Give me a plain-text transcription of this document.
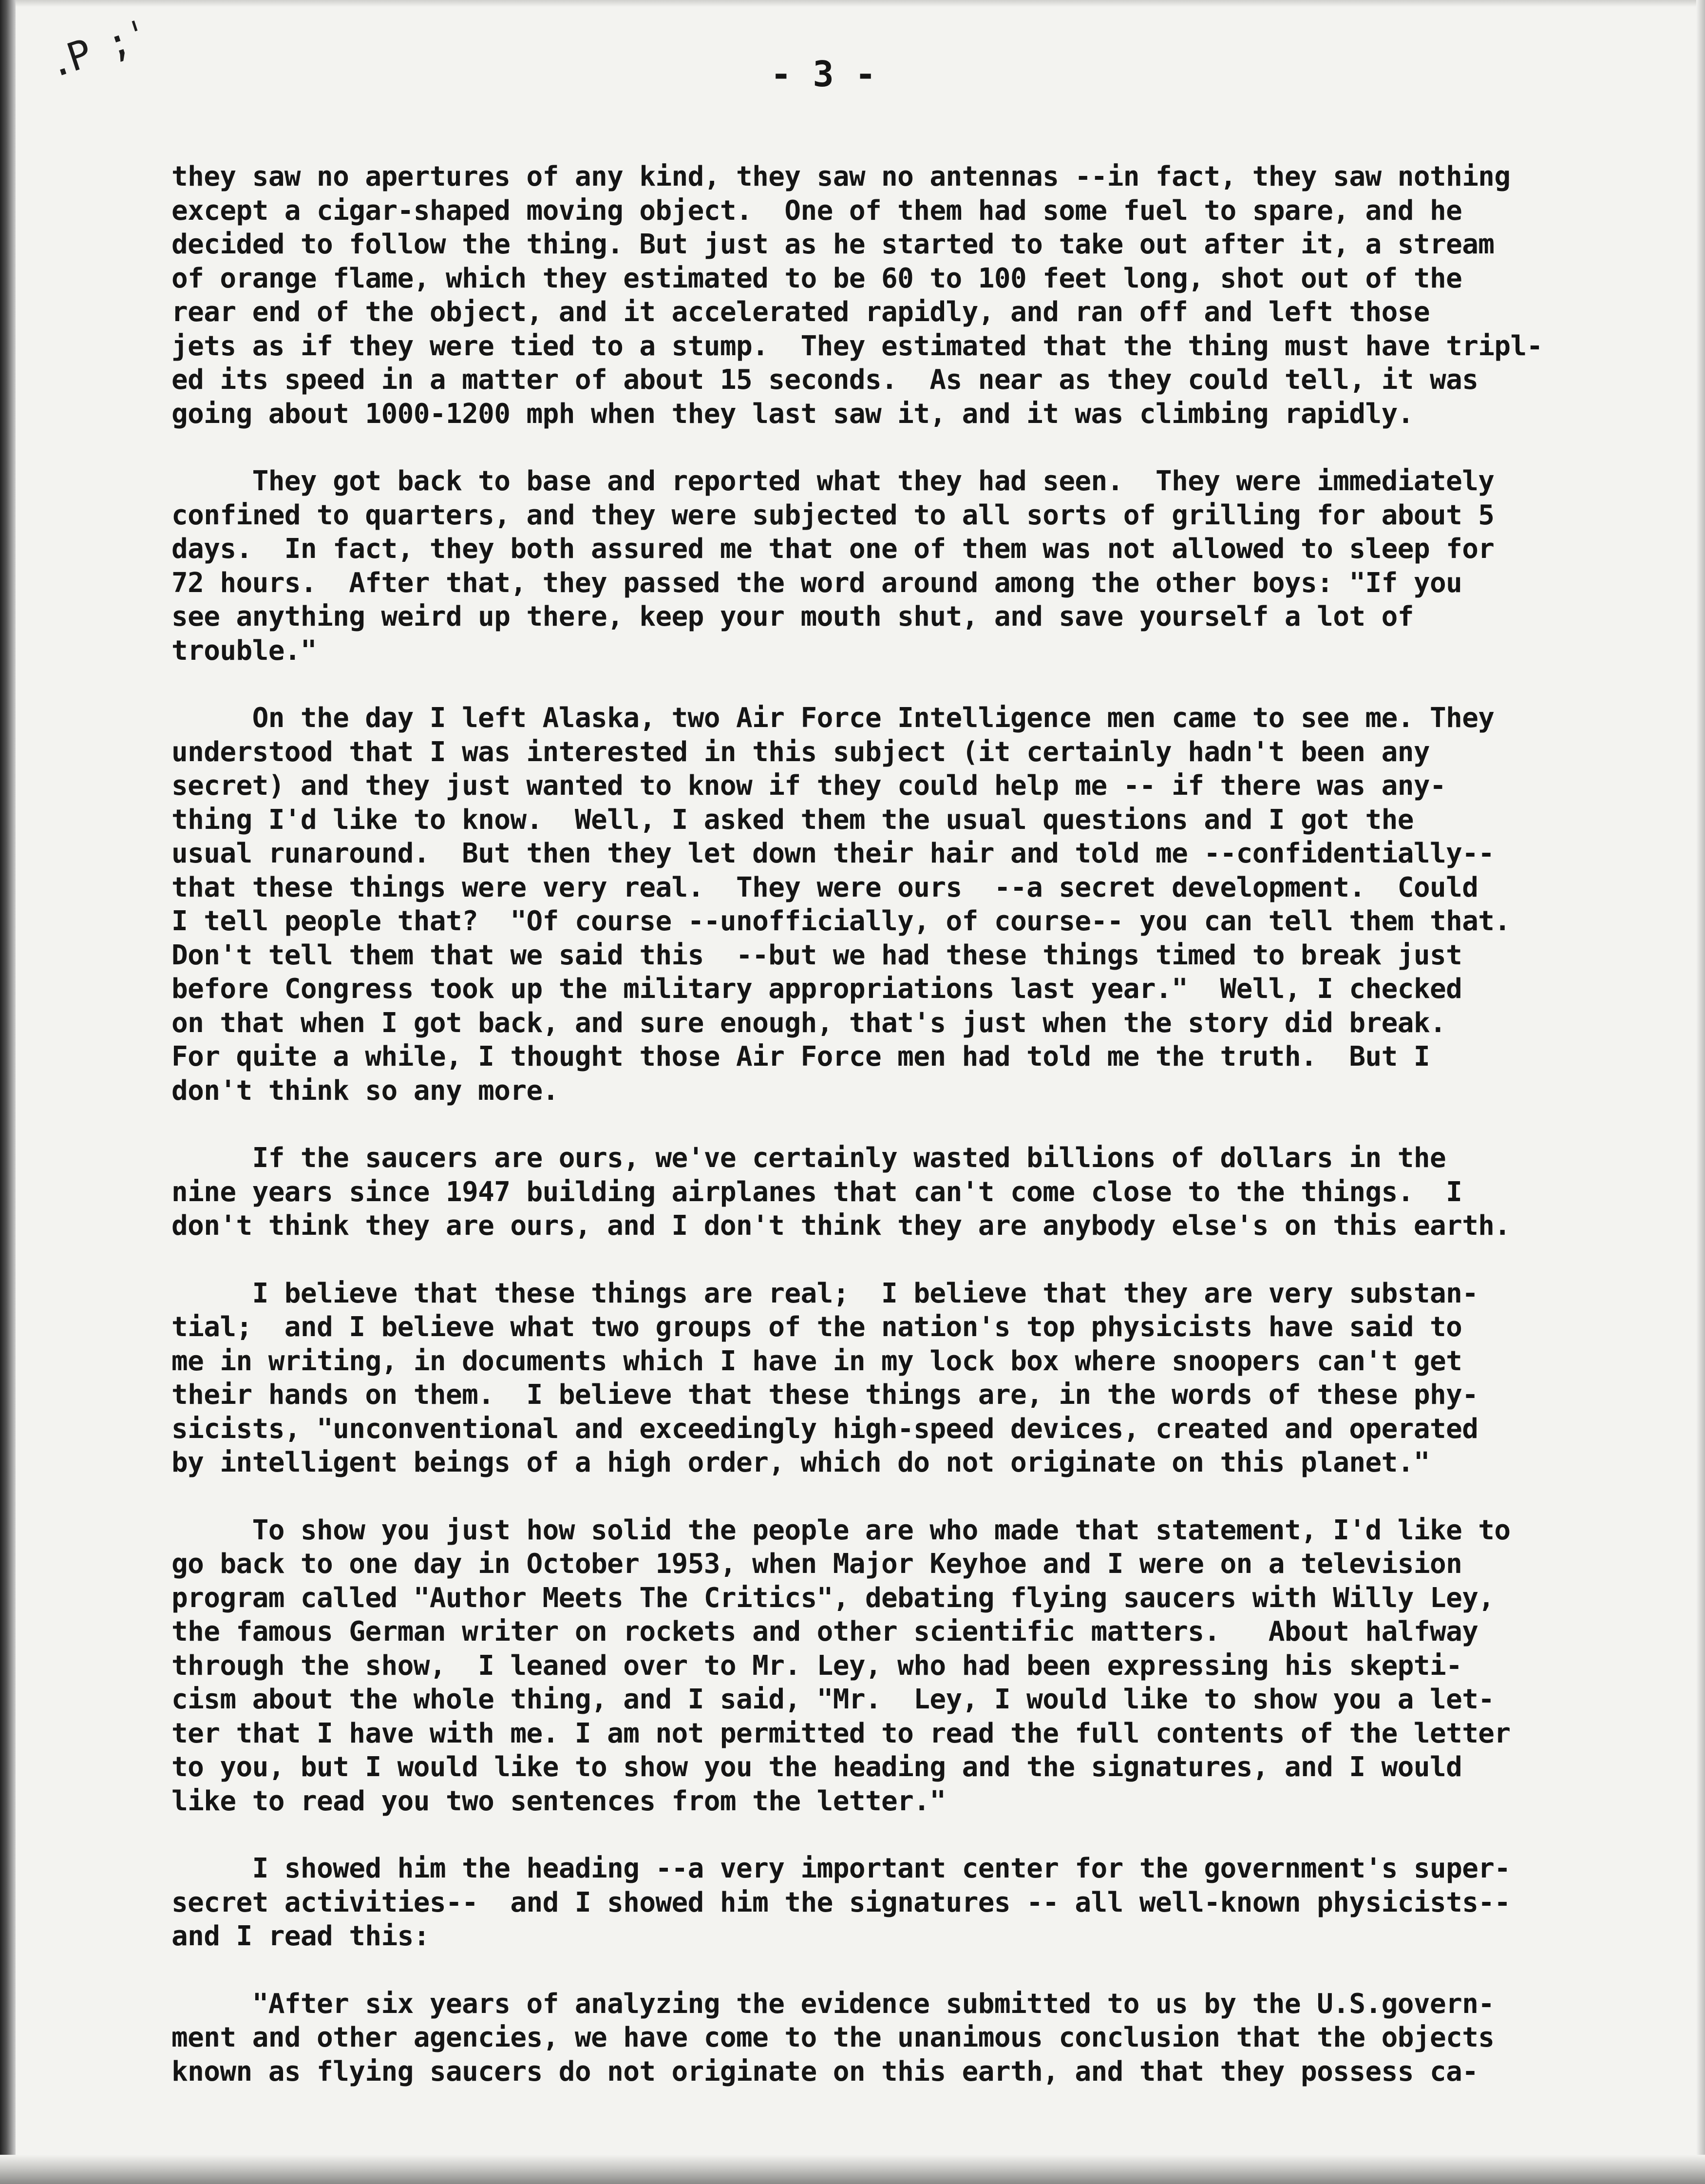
.P ;ˈ	- 3 -

they saw no apertures of any kind, they saw no antennas --in fact, they saw nothing
except a cigar-shaped moving object.  One of them had some fuel to spare, and he
decided to follow the thing. But just as he started to take out after it, a stream
of orange flame, which they estimated to be 60 to 100 feet long, shot out of the
rear end of the object, and it accelerated rapidly, and ran off and left those
jets as if they were tied to a stump.  They estimated that the thing must have tripl-
ed its speed in a matter of about 15 seconds.  As near as they could tell, it was
going about 1000-1200 mph when they last saw it, and it was climbing rapidly.

They got back to base and reported what they had seen.  They were immediately
confined to quarters, and they were subjected to all sorts of grilling for about 5
days.  In fact, they both assured me that one of them was not allowed to sleep for
72 hours.  After that, they passed the word around among the other boys: "If you
see anything weird up there, keep your mouth shut, and save yourself a lot of
trouble."

On the day I left Alaska, two Air Force Intelligence men came to see me. They
understood that I was interested in this subject (it certainly hadn't been any
secret) and they just wanted to know if they could help me -- if there was any-
thing I'd like to know.  Well, I asked them the usual questions and I got the
usual runaround.  But then they let down their hair and told me --confidentially--
that these things were very real.  They were ours  --a secret development.  Could
I tell people that?  "Of course --unofficially, of course-- you can tell them that.
Don't tell them that we said this  --but we had these things timed to break just
before Congress took up the military appropriations last year."  Well, I checked
on that when I got back, and sure enough, that's just when the story did break.
For quite a while, I thought those Air Force men had told me the truth.  But I
don't think so any more.

If the saucers are ours, we've certainly wasted billions of dollars in the
nine years since 1947 building airplanes that can't come close to the things.  I
don't think they are ours, and I don't think they are anybody else's on this earth.

I believe that these things are real;  I believe that they are very substan-
tial;  and I believe what two groups of the nation's top physicists have said to
me in writing, in documents which I have in my lock box where snoopers can't get
their hands on them.  I believe that these things are, in the words of these phy-
sicists, "unconventional and exceedingly high-speed devices, created and operated
by intelligent beings of a high order, which do not originate on this planet."

To show you just how solid the people are who made that statement, I'd like to
go back to one day in October 1953, when Major Keyhoe and I were on a television
program called "Author Meets The Critics", debating flying saucers with Willy Ley,
the famous German writer on rockets and other scientific matters.   About halfway
through the show,  I leaned over to Mr. Ley, who had been expressing his skepti-
cism about the whole thing, and I said, "Mr.  Ley, I would like to show you a let-
ter that I have with me. I am not permitted to read the full contents of the letter
to you, but I would like to show you the heading and the signatures, and I would
like to read you two sentences from the letter."

I showed him the heading --a very important center for the government's super-
secret activities--  and I showed him the signatures -- all well-known physicists--
and I read this:

"After six years of analyzing the evidence submitted to us by the U.S.govern-
ment and other agencies, we have come to the unanimous conclusion that the objects
known as flying saucers do not originate on this earth, and that they possess ca-
